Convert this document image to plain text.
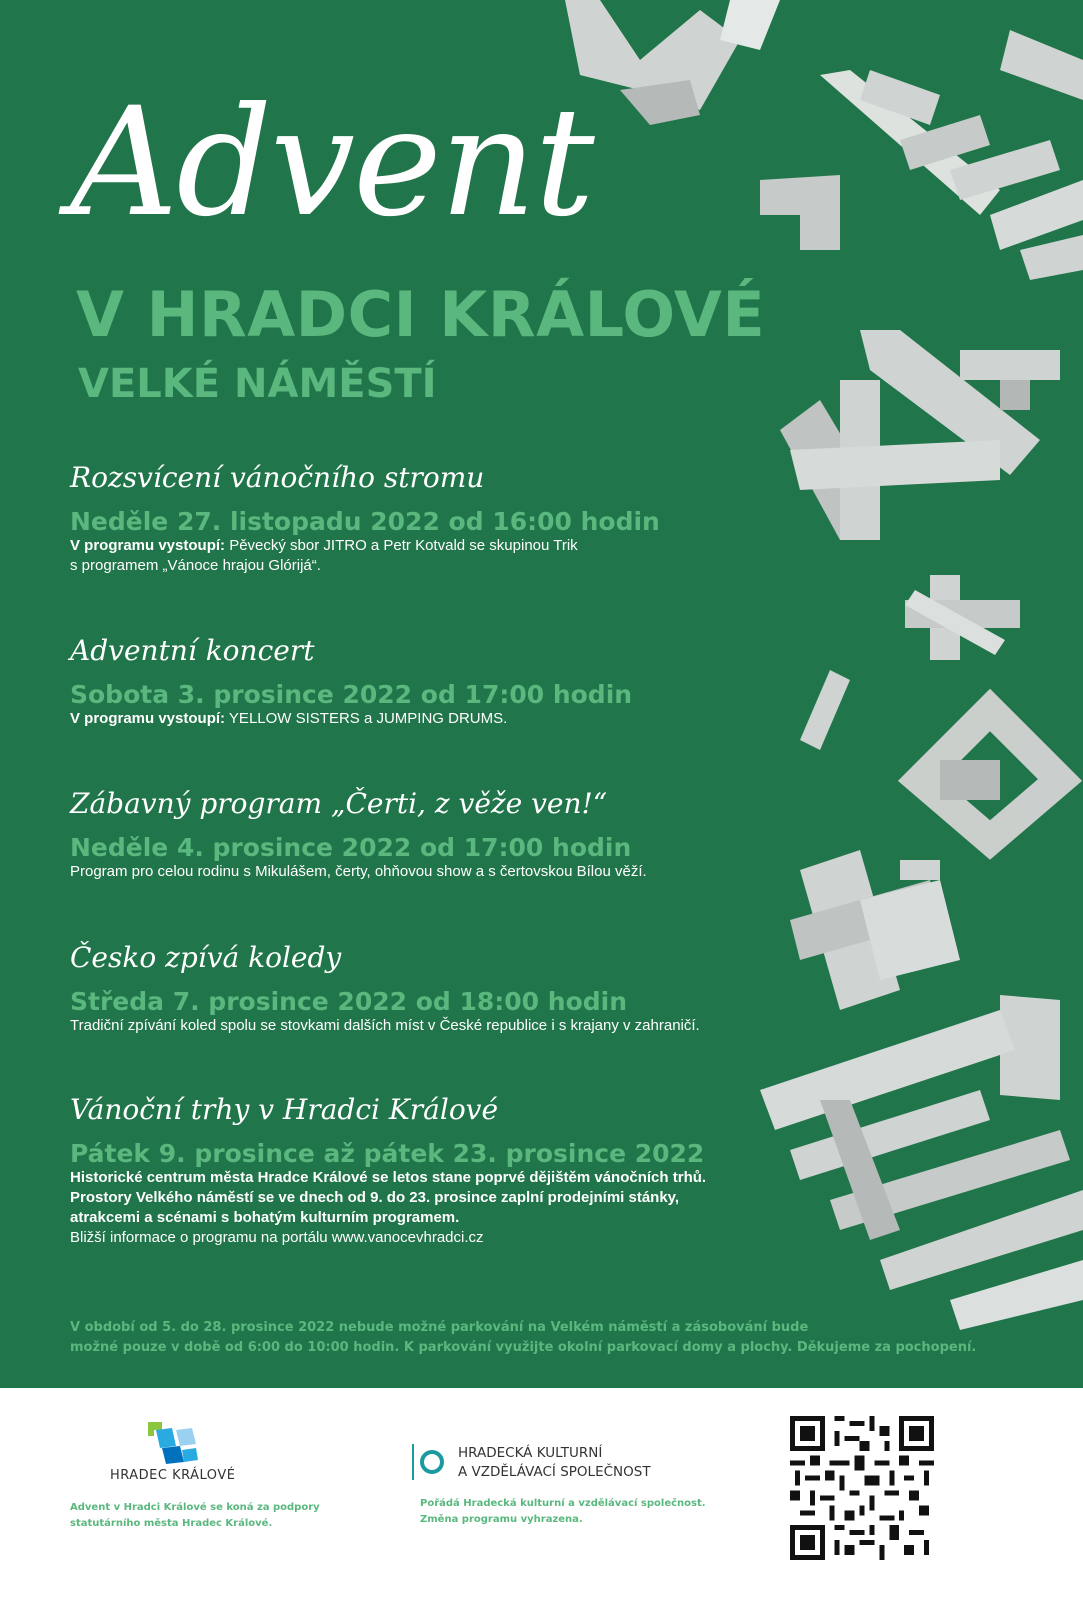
Advent
V HRADCI KRÁLOVÉ
VELKÉ NÁMĚSTÍ
Rozsvícení vánočního stromu
Neděle 27. listopadu 2022 od 16:00 hodin
V programu vystoupí: Pěvecký sbor JITRO a Petr Kotvald se skupinou Trik
s programem „Vánoce hrajou Glórijá“.
Adventní koncert
Sobota 3. prosince 2022 od 17:00 hodin
V programu vystoupí: YELLOW SISTERS a JUMPING DRUMS.
Zábavný program „Čerti, z věže ven!“
Neděle 4. prosince 2022 od 17:00 hodin
Program pro celou rodinu s Mikulášem, čerty, ohňovou show a s čertovskou Bílou věží.
Česko zpívá koledy
Středa 7. prosince 2022 od 18:00 hodin
Tradiční zpívání koled spolu se stovkami dalších míst v České republice i s krajany v zahraničí.
Vánoční trhy v Hradci Králové
Pátek 9. prosince až pátek 23. prosince 2022
Historické centrum města Hradce Králové se letos stane poprvé dějištěm vánočních trhů.
Prostory Velkého náměstí se ve dnech od 9. do 23. prosince zaplní prodejními stánky,
atrakcemi a scénami s bohatým kulturním programem.
Bližší informace o programu na portálu www.vanocevhradci.cz
V období od 5. do 28. prosince 2022 nebude možné parkování na Velkém náměstí a zásobování bude
možné pouze v době od 6:00 do 10:00 hodin. K parkování využijte okolní parkovací domy a plochy. Děkujeme za pochopení.
HRADEC KRÁLOVÉ
HRADECKÁ KULTURNÍ
A VZDĚLÁVACÍ SPOLEČNOST
Advent v Hradci Králové se koná za podpory
statutárního města Hradec Králové.
Pořádá Hradecká kulturní a vzdělávací společnost.
Změna programu vyhrazena.
